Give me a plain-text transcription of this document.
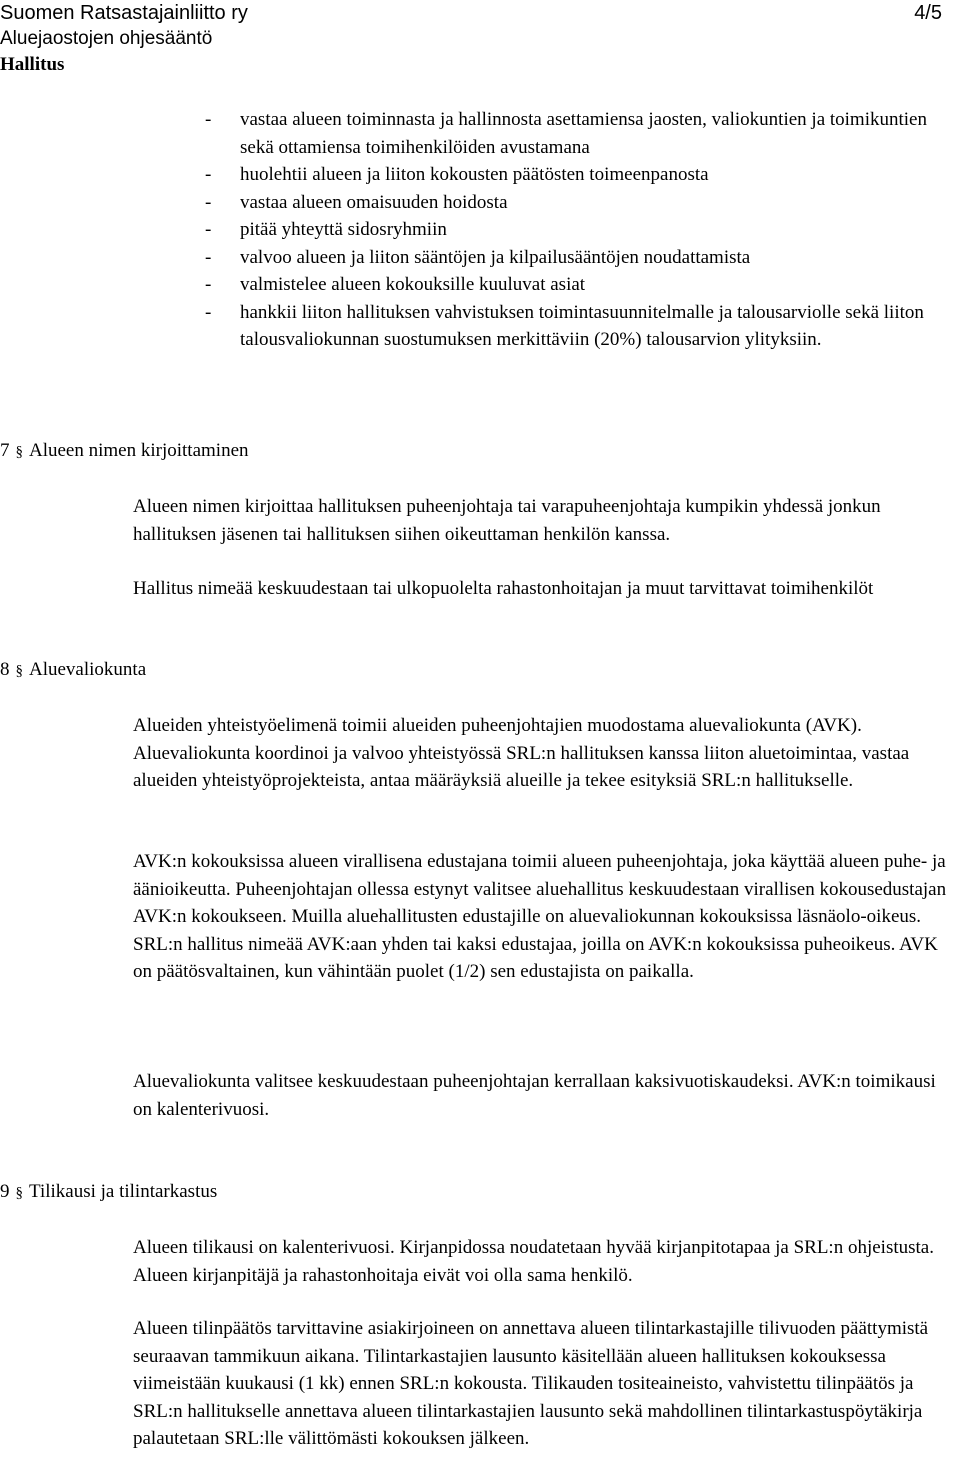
Suomen Ratsastajainliitto ry
Aluejaostojen ohjesääntö
Hallitus
4/5
- vastaa alueen toiminnasta ja hallinnosta asettamiensa jaosten, valiokuntien ja toimikuntien sekä ottamiensa toimihenkilöiden avustamana
- huolehtii alueen ja liiton kokousten päätösten toimeenpanosta
- vastaa alueen omaisuuden hoidosta
- pitää yhteyttä sidosryhmiin
- valvoo alueen ja liiton sääntöjen ja kilpailusääntöjen noudattamista
- valmistelee alueen kokouksille kuuluvat asiat
- hankkii liiton hallituksen vahvistuksen toimintasuunnitelmalle ja talousarviolle sekä liiton talousvaliokunnan suostumuksen merkittäviin (20%) talousarvion ylityksiin.
7 § Alueen nimen kirjoittaminen

Alueen nimen kirjoittaa hallituksen puheenjohtaja tai varapuheenjohtaja kumpikin yhdessä jonkun hallituksen jäsenen tai hallituksen siihen oikeuttaman henkilön kanssa.

Hallitus nimeää keskuudestaan tai ulkopuolelta rahastonhoitajan ja muut tarvittavat toimihenkilöt

8 § Aluevaliokunta

Alueiden yhteistyöelimenä toimii alueiden puheenjohtajien muodostama aluevaliokunta (AVK). Aluevaliokunta koordinoi ja valvoo yhteistyössä SRL:n hallituksen kanssa liiton aluetoimintaa, vastaa alueiden yhteistyöprojekteista, antaa määräyksiä alueille ja tekee esityksiä SRL:n hallitukselle.

AVK:n kokouksissa alueen virallisena edustajana toimii alueen puheenjohtaja, joka käyttää alueen puhe- ja äänioikeutta. Puheenjohtajan ollessa estynyt valitsee aluehallitus keskuudestaan virallisen kokousedustajan AVK:n kokoukseen. Muilla aluehallitusten edustajille on aluevaliokunnan kokouksissa läsnäolo-oikeus. SRL:n hallitus nimeää AVK:aan yhden tai kaksi edustajaa, joilla on AVK:n kokouksissa puheoikeus. AVK on päätösvaltainen, kun vähintään puolet (1/2) sen edustajista on paikalla.

Aluevaliokunta valitsee keskuudestaan puheenjohtajan kerrallaan kaksivuotiskaudeksi. AVK:n toimikausi on kalenterivuosi.

9 § Tilikausi ja tilintarkastus

Alueen tilikausi on kalenterivuosi. Kirjanpidossa noudatetaan hyvää kirjanpitotapaa ja SRL:n ohjeistusta. Alueen kirjanpitäjä ja rahastonhoitaja eivät voi olla sama henkilö.

Alueen tilinpäätös tarvittavine asiakirjoineen on annettava alueen tilintarkastajille tilivuoden päättymistä seuraavan tammikuun aikana. Tilintarkastajien lausunto käsitellään alueen hallituksen kokouksessa viimeistään kuukausi (1 kk) ennen SRL:n kokousta. Tilikauden tositeaineisto, vahvistettu tilinpäätös ja SRL:n hallitukselle annettava alueen tilintarkastajien lausunto sekä mahdollinen tilintarkastuspöytäkirja palautetaan SRL:lle välittömästi kokouksen jälkeen.
